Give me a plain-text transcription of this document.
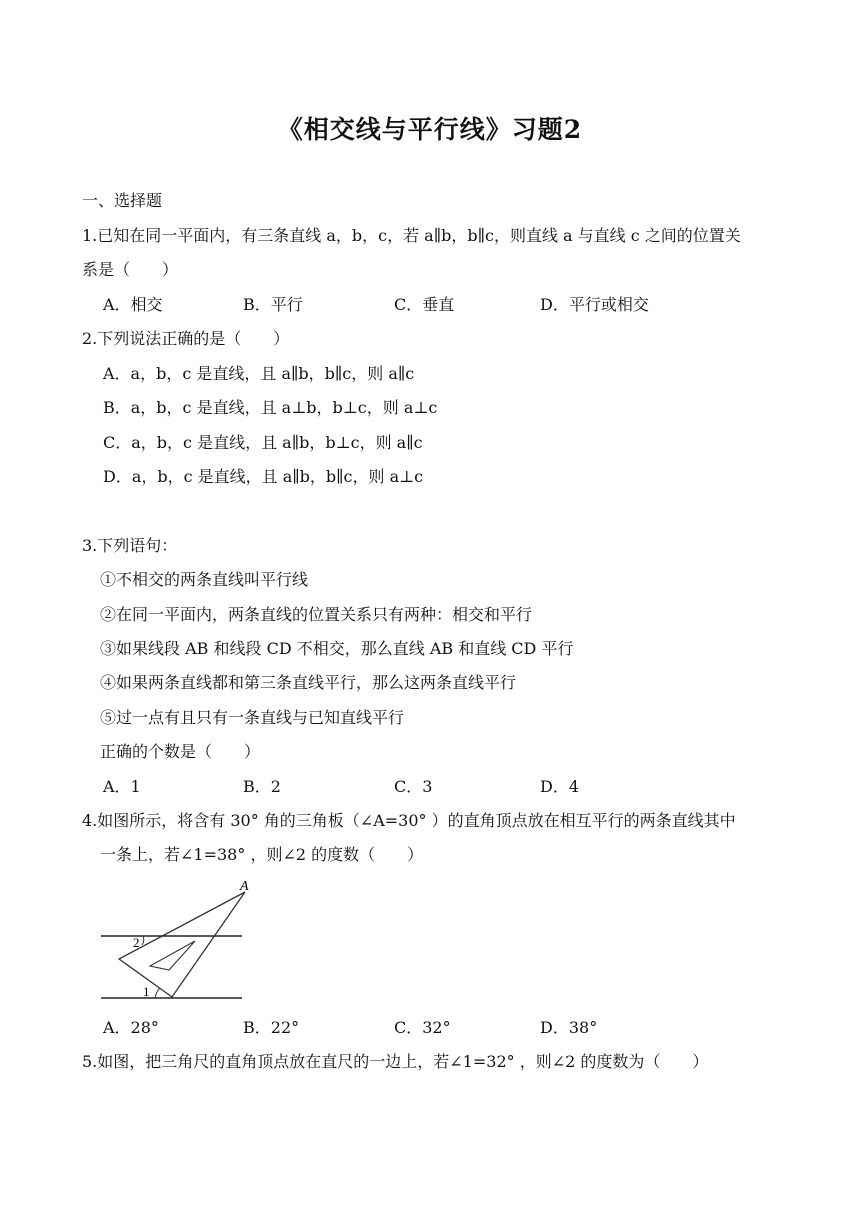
《相交线与平行线》习题2
一、选择题
1.已知在同一平面内，有三条直线 a，b，c，若 a∥b，b∥c，则直线 a 与直线 c 之间的位置关
系是（　　）
A．相交	B．平行	C．垂直	D．平行或相交
2.下列说法正确的是（　　）
A．a，b，c 是直线，且 a∥b，b∥c，则 a∥c
B．a，b，c 是直线，且 a⊥b，b⊥c，则 a⊥c
C．a，b，c 是直线，且 a∥b，b⊥c，则 a∥c
D．a，b，c 是直线，且 a∥b，b∥c，则 a⊥c
3.下列语句：
①不相交的两条直线叫平行线
②在同一平面内，两条直线的位置关系只有两种：相交和平行
③如果线段 AB 和线段 CD 不相交，那么直线 AB 和直线 CD 平行
④如果两条直线都和第三条直线平行，那么这两条直线平行
⑤过一点有且只有一条直线与已知直线平行
正确的个数是（　　）
A．1	B．2	C．3	D．4
4.如图所示，将含有 30° 角的三角板（∠A=30° ）的直角顶点放在相互平行的两条直线其中
一条上，若∠1=38° ，则∠2 的度数（　　）
A
2
1
A．28°	B．22°	C．32°	D．38°
5.如图，把三角尺的直角顶点放在直尺的一边上，若∠1=32° ，则∠2 的度数为（　　）
